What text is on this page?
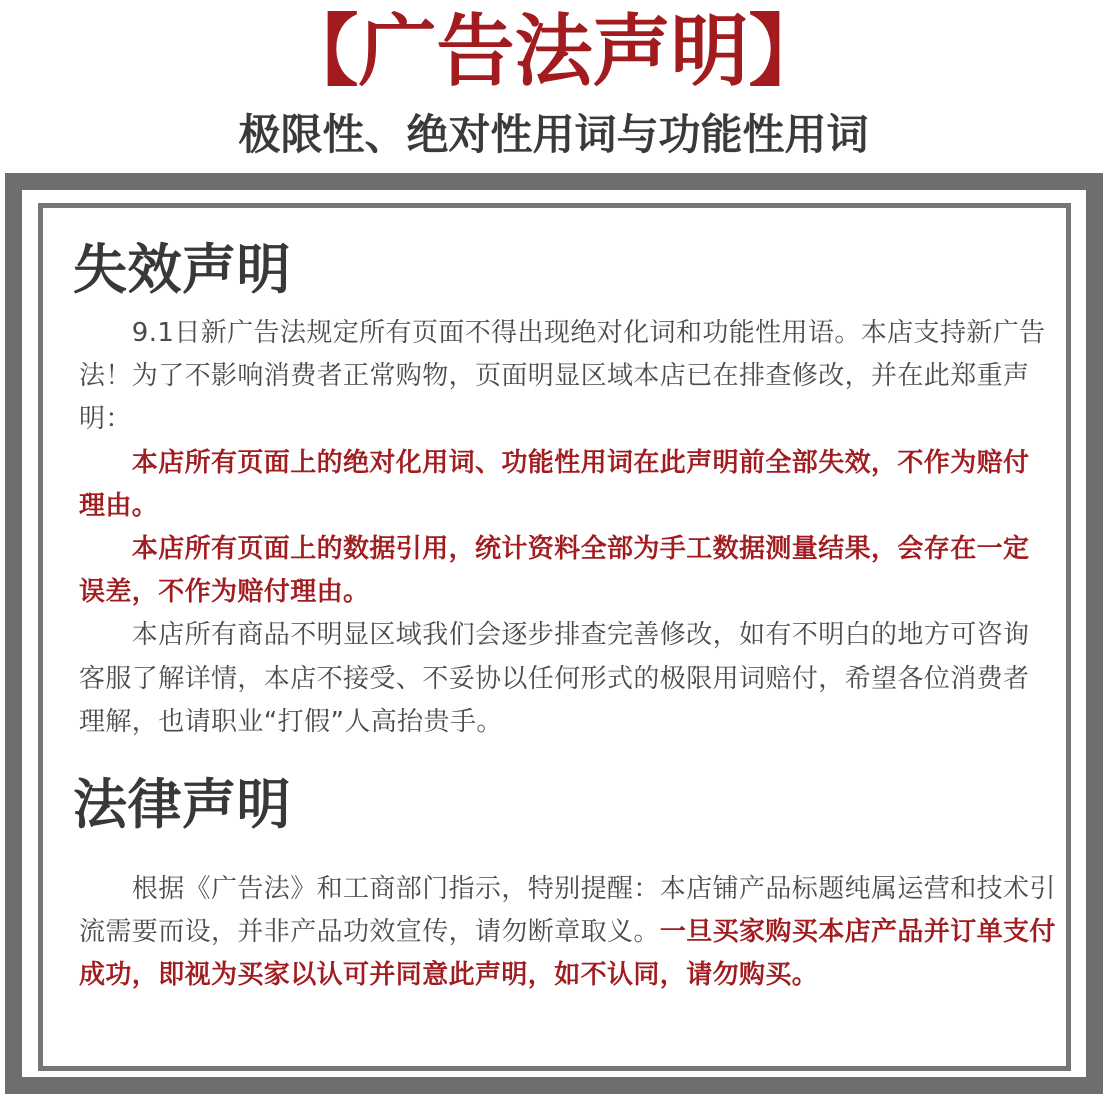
【广告法声明】
极限性、绝对性用词与功能性用词
失效声明
9.1日新广告法规定所有页面不得出现绝对化词和功能性用语。本店支持新广告
法！为了不影响消费者正常购物，页面明显区域本店已在排查修改，并在此郑重声
明：
本店所有页面上的绝对化用词、功能性用词在此声明前全部失效，不作为赔付
理由。
本店所有页面上的数据引用，统计资料全部为手工数据测量结果，会存在一定
误差，不作为赔付理由。
本店所有商品不明显区域我们会逐步排查完善修改，如有不明白的地方可咨询
客服了解详情，本店不接受、不妥协以任何形式的极限用词赔付，希望各位消费者
理解，也请职业“打假”人高抬贵手。
法律声明
根据《广告法》和工商部门指示，特别提醒：本店铺产品标题纯属运营和技术引
流需要而设，并非产品功效宣传，请勿断章取义。一旦买家购买本店产品并订单支付
成功，即视为买家以认可并同意此声明，如不认同，请勿购买。
